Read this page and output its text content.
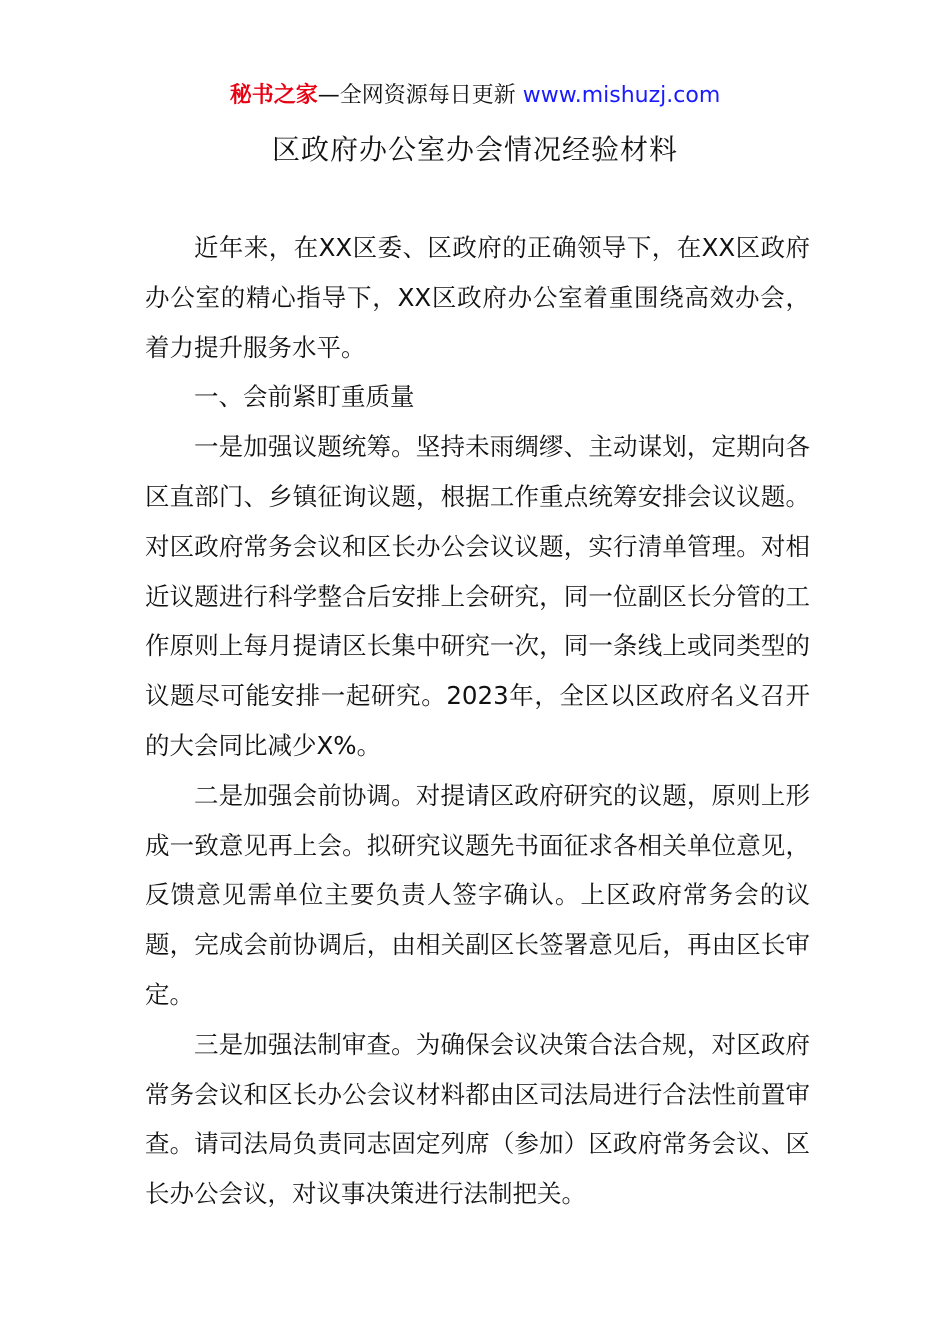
秘书之家—全网资源每日更新 www.mishuzj.com
区政府办公室办会情况经验材料

近年来，在XX区委、区政府的正确领导下，在XX区政府办公室的精心指导下，XX区政府办公室着重围绕高效办会，着力提升服务水平。

一、会前紧盯重质量

一是加强议题统筹。坚持未雨绸缪、主动谋划，定期向各区直部门、乡镇征询议题，根据工作重点统筹安排会议议题。对区政府常务会议和区长办公会议议题，实行清单管理。对相近议题进行科学整合后安排上会研究，同一位副区长分管的工作原则上每月提请区长集中研究一次，同一条线上或同类型的议题尽可能安排一起研究。2023年，全区以区政府名义召开的大会同比减少X%。

二是加强会前协调。对提请区政府研究的议题，原则上形成一致意见再上会。拟研究议题先书面征求各相关单位意见，反馈意见需单位主要负责人签字确认。上区政府常务会的议题，完成会前协调后，由相关副区长签署意见后，再由区长审定。

三是加强法制审查。为确保会议决策合法合规，对区政府常务会议和区长办公会议材料都由区司法局进行合法性前置审查。请司法局负责同志固定列席（参加）区政府常务会议、区长办公会议，对议事决策进行法制把关。
